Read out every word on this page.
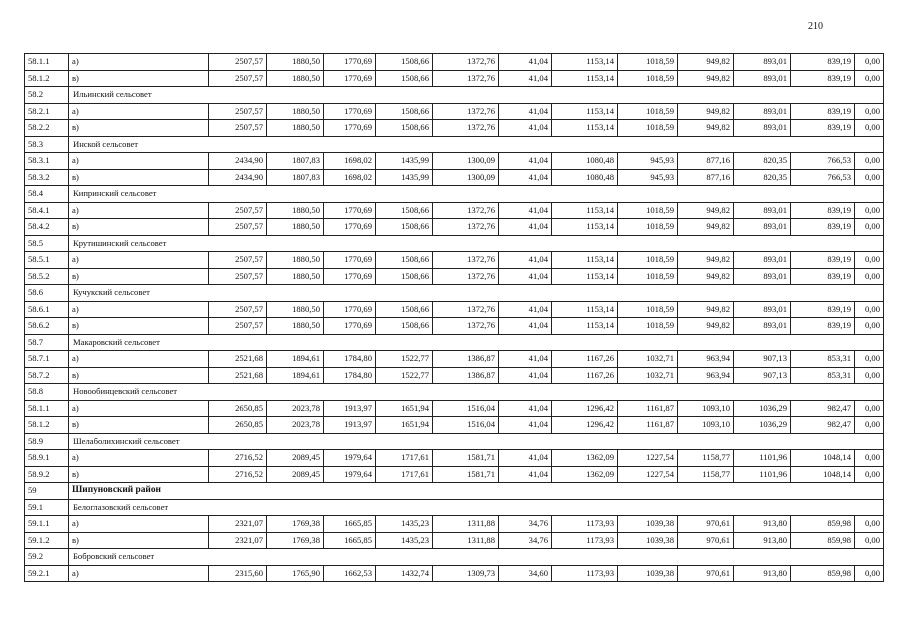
210
58.1.1	а)	2507,57	1880,50	1770,69	1508,66	1372,76	41,04	1153,14	1018,59	949,82	893,01	839,19	0,00
58.1.2	в)	2507,57	1880,50	1770,69	1508,66	1372,76	41,04	1153,14	1018,59	949,82	893,01	839,19	0,00
58.2	Ильинский сельсовет												
58.2.1	а)	2507,57	1880,50	1770,69	1508,66	1372,76	41,04	1153,14	1018,59	949,82	893,01	839,19	0,00
58.2.2	в)	2507,57	1880,50	1770,69	1508,66	1372,76	41,04	1153,14	1018,59	949,82	893,01	839,19	0,00
58.3	Инской сельсовет												
58.3.1	а)	2434,90	1807,83	1698,02	1435,99	1300,09	41,04	1080,48	945,93	877,16	820,35	766,53	0,00
58.3.2	в)	2434,90	1807,83	1698,02	1435,99	1300,09	41,04	1080,48	945,93	877,16	820,35	766,53	0,00
58.4	Кипринский сельсовет												
58.4.1	а)	2507,57	1880,50	1770,69	1508,66	1372,76	41,04	1153,14	1018,59	949,82	893,01	839,19	0,00
58.4.2	в)	2507,57	1880,50	1770,69	1508,66	1372,76	41,04	1153,14	1018,59	949,82	893,01	839,19	0,00
58.5	Крутишинский сельсовет												
58.5.1	а)	2507,57	1880,50	1770,69	1508,66	1372,76	41,04	1153,14	1018,59	949,82	893,01	839,19	0,00
58.5.2	в)	2507,57	1880,50	1770,69	1508,66	1372,76	41,04	1153,14	1018,59	949,82	893,01	839,19	0,00
58.6	Кучукский сельсовет												
58.6.1	а)	2507,57	1880,50	1770,69	1508,66	1372,76	41,04	1153,14	1018,59	949,82	893,01	839,19	0,00
58.6.2	в)	2507,57	1880,50	1770,69	1508,66	1372,76	41,04	1153,14	1018,59	949,82	893,01	839,19	0,00
58.7	Макаровский сельсовет												
58.7.1	а)	2521,68	1894,61	1784,80	1522,77	1386,87	41,04	1167,26	1032,71	963,94	907,13	853,31	0,00
58.7.2	в)	2521,68	1894,61	1784,80	1522,77	1386,87	41,04	1167,26	1032,71	963,94	907,13	853,31	0,00
58.8	Новообинцевский сельсовет												
58.1.1	а)	2650,85	2023,78	1913,97	1651,94	1516,04	41,04	1296,42	1161,87	1093,10	1036,29	982,47	0,00
58.1.2	в)	2650,85	2023,78	1913,97	1651,94	1516,04	41,04	1296,42	1161,87	1093,10	1036,29	982,47	0,00
58.9	Шелаболихинский сельсовет												
58.9.1	а)	2716,52	2089,45	1979,64	1717,61	1581,71	41,04	1362,09	1227,54	1158,77	1101,96	1048,14	0,00
58.9.2	в)	2716,52	2089,45	1979,64	1717,61	1581,71	41,04	1362,09	1227,54	1158,77	1101,96	1048,14	0,00
59	Шипуновский район												
59.1	Белоглазовский сельсовет												
59.1.1	а)	2321,07	1769,38	1665,85	1435,23	1311,88	34,76	1173,93	1039,38	970,61	913,80	859,98	0,00
59.1.2	в)	2321,07	1769,38	1665,85	1435,23	1311,88	34,76	1173,93	1039,38	970,61	913,80	859,98	0,00
59.2	Бобровский сельсовет												
59.2.1	а)	2315,60	1765,90	1662,53	1432,74	1309,73	34,60	1173,93	1039,38	970,61	913,80	859,98	0,00
